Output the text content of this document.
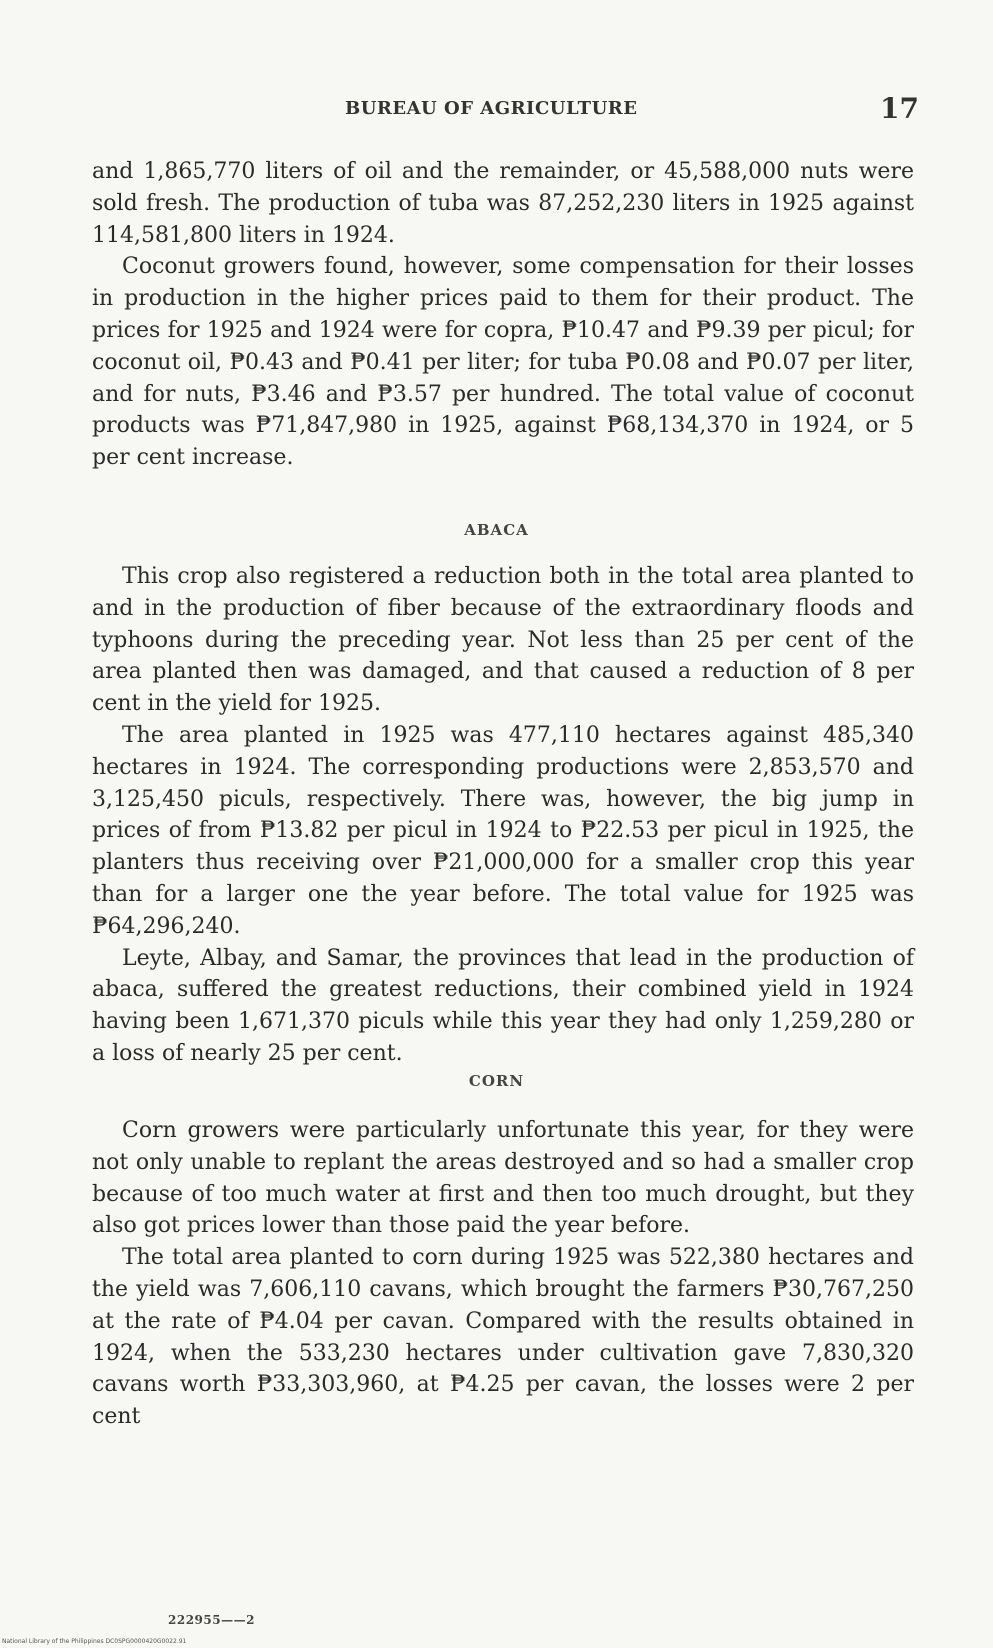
BUREAU OF AGRICULTURE	17

and 1,865,770 liters of oil and the remainder, or 45,588,000 nuts were sold fresh. The production of tuba was 87,252,230 liters in 1925 against 114,581,800 liters in 1924.

Coconut growers found, however, some compensation for their losses in production in the higher prices paid to them for their product. The prices for 1925 and 1924 were for copra, ₱10.47 and ₱9.39 per picul; for coconut oil, ₱0.43 and ₱0.41 per liter; for tuba ₱0.08 and ₱0.07 per liter, and for nuts, ₱3.46 and ₱3.57 per hundred. The total value of coconut products was ₱71,847,980 in 1925, against ₱68,134,370 in 1924, or 5 per cent increase.

ABACA

This crop also registered a reduction both in the total area planted to and in the production of fiber because of the extraordinary floods and typhoons during the preceding year. Not less than 25 per cent of the area planted then was damaged, and that caused a reduction of 8 per cent in the yield for 1925.

The area planted in 1925 was 477,110 hectares against 485,340 hectares in 1924. The corresponding productions were 2,853,570 and 3,125,450 piculs, respectively. There was, however, the big jump in prices of from ₱13.82 per picul in 1924 to ₱22.53 per picul in 1925, the planters thus receiving over ₱21,000,000 for a smaller crop this year than for a larger one the year before. The total value for 1925 was ₱64,296,240.

Leyte, Albay, and Samar, the provinces that lead in the production of abaca, suffered the greatest reductions, their combined yield in 1924 having been 1,671,370 piculs while this year they had only 1,259,280 or a loss of nearly 25 per cent.

CORN

Corn growers were particularly unfortunate this year, for they were not only unable to replant the areas destroyed and so had a smaller crop because of too much water at first and then too much drought, but they also got prices lower than those paid the year before.

The total area planted to corn during 1925 was 522,380 hectares and the yield was 7,606,110 cavans, which brought the farmers ₱30,767,250 at the rate of ₱4.04 per cavan. Compared with the results obtained in 1924, when the 533,230 hectares under cultivation gave 7,830,320 cavans worth ₱33,303,960, at ₱4.25 per cavan, the losses were 2 per cent

222955——2
National Library of the Philippines DC0SPG0000420G0022.91
